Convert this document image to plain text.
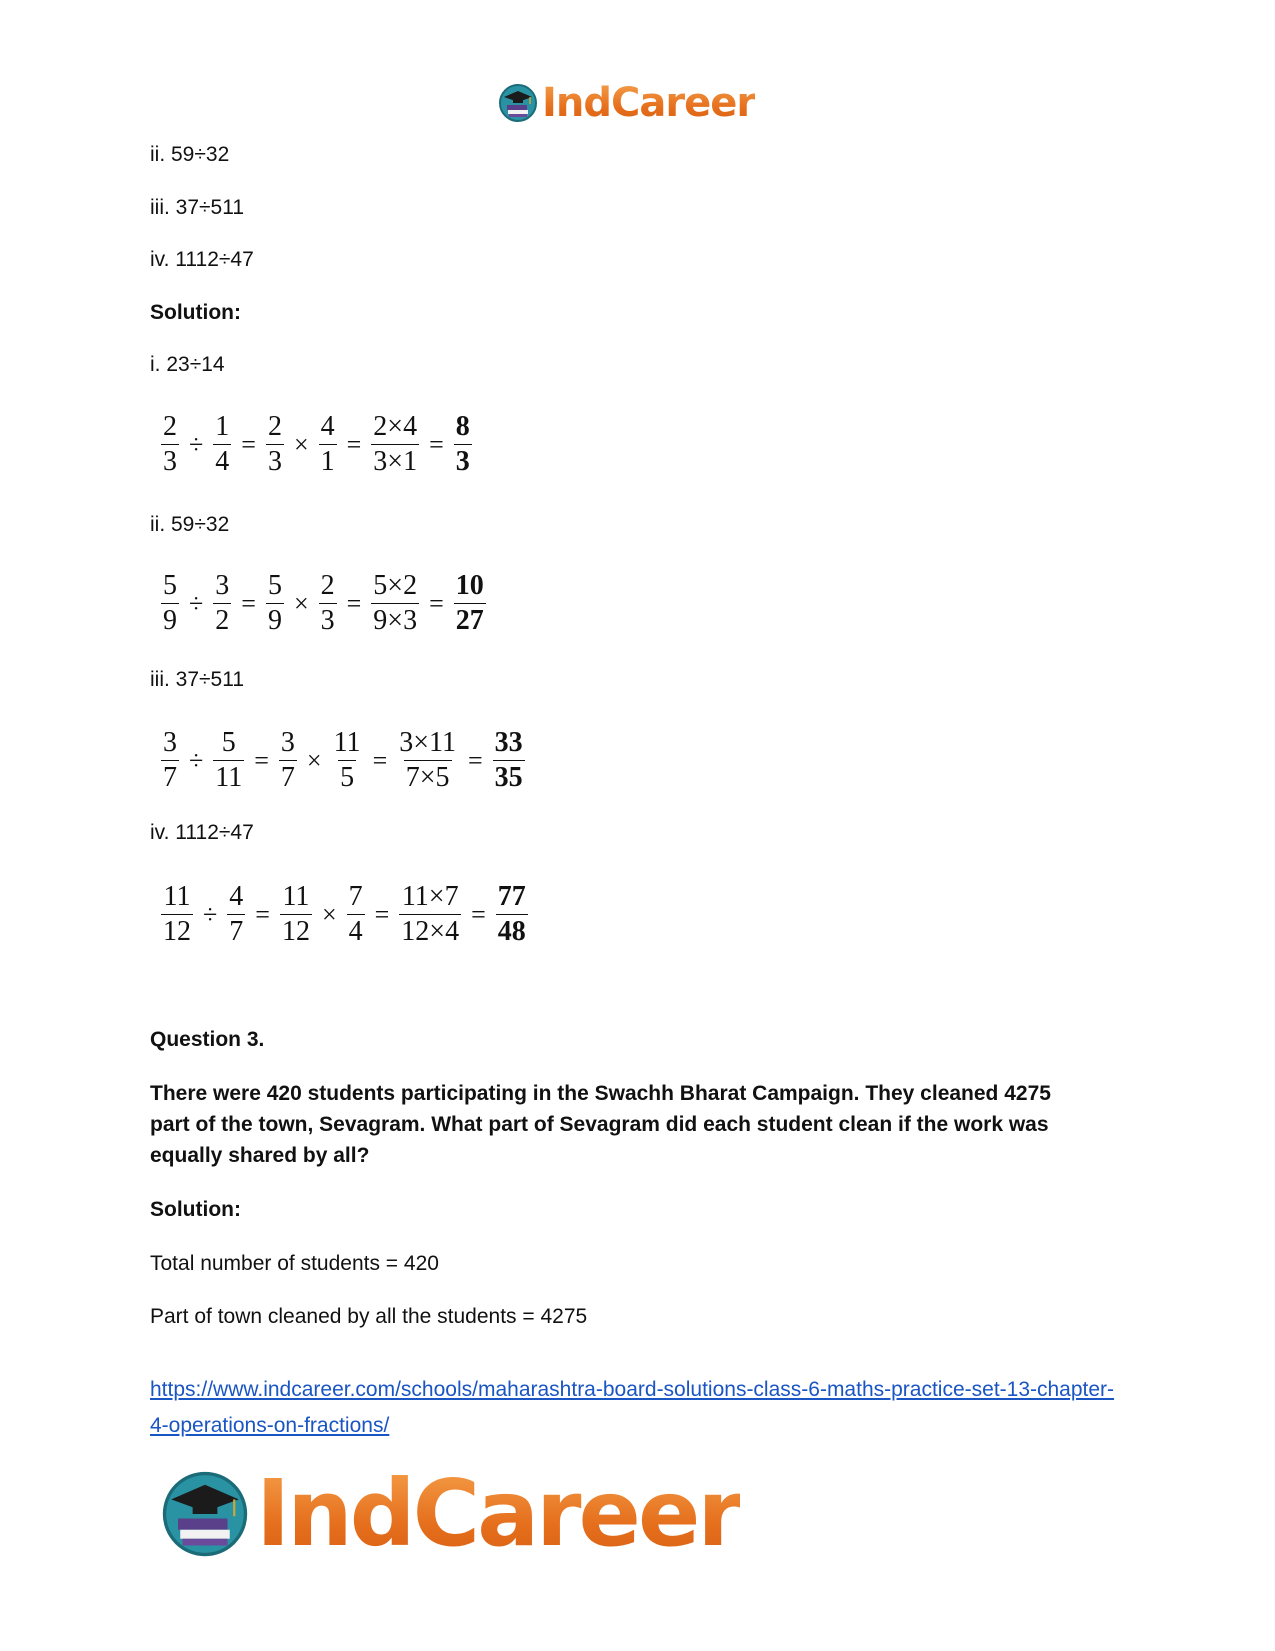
IndCareer
ii. 59÷32
iii. 37÷511
iv. 1112÷47
Solution:
i. 23÷14
$\frac{2}{3} \div \frac{1}{4} = \frac{2}{3} \times \frac{4}{1} = \frac{2\times 4}{3\times 1} = \frac{8}{3}$
ii. 59÷32
$\frac{5}{9} \div \frac{3}{2} = \frac{5}{9} \times \frac{2}{3} = \frac{5\times 2}{9\times 3} = \frac{10}{27}$
iii. 37÷511
$\frac{3}{7} \div \frac{5}{11} = \frac{3}{7} \times \frac{11}{5} = \frac{3\times 11}{7\times 5} = \frac{33}{35}$
iv. 1112÷47
$\frac{11}{12} \div \frac{4}{7} = \frac{11}{12} \times \frac{7}{4} = \frac{11\times 7}{12\times 4} = \frac{77}{48}$
Question 3.
There were 420 students participating in the Swachh Bharat Campaign. They cleaned 4275 part of the town, Sevagram. What part of Sevagram did each student clean if the work was equally shared by all?
Solution:
Total number of students = 420
Part of town cleaned by all the students = 4275
https://www.indcareer.com/schools/maharashtra-board-solutions-class-6-maths-practice-set-13-chapter-4-operations-on-fractions/
IndCareer
